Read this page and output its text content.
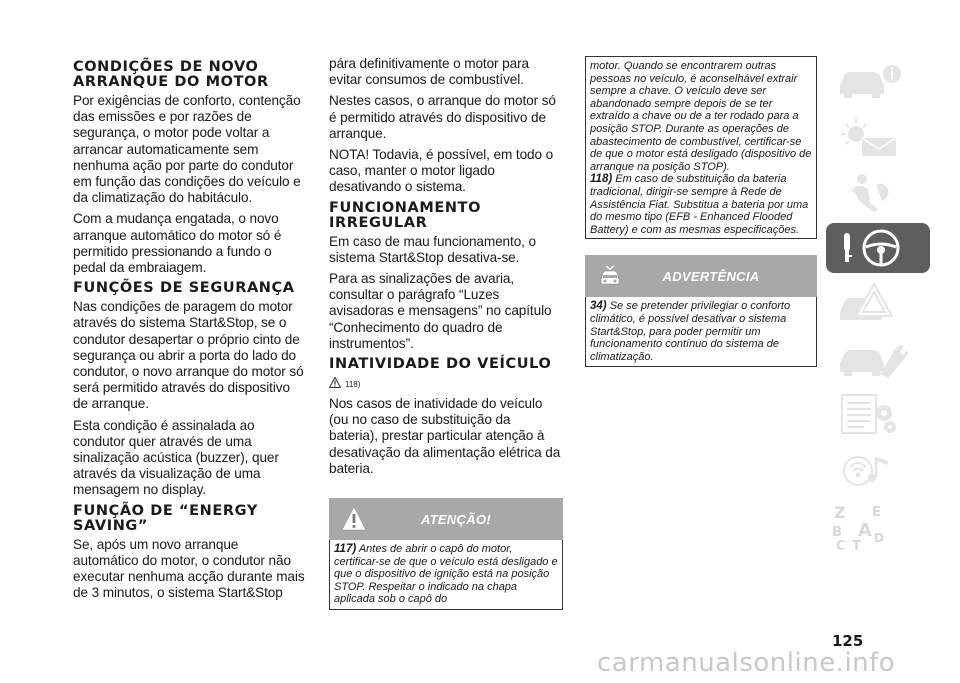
CONDIÇÕES DE NOVO ARRANQUE DO MOTOR

Por exigências de conforto, contenção das emissões e por razões de segurança, o motor pode voltar a arrancar automaticamente sem nenhuma ação por parte do condutor em função das condições do veículo e da climatização do habitáculo.

Com a mudança engatada, o novo arranque automático do motor só é permitido pressionando a fundo o pedal da embraiagem.

FUNÇÕES DE SEGURANÇA

Nas condições de paragem do motor através do sistema Start&Stop, se o condutor desapertar o próprio cinto de segurança ou abrir a porta do lado do condutor, o novo arranque do motor só será permitido através do dispositivo de arranque.

Esta condição é assinalada ao condutor quer através de uma sinalização acústica (buzzer), quer através da visualização de uma mensagem no display.

FUNÇÃO DE “ENERGY SAVING”

Se, após um novo arranque automático do motor, o condutor não executar nenhuma acção durante mais de 3 minutos, o sistema Start&Stop

pára definitivamente o motor para evitar consumos de combustível.

Nestes casos, o arranque do motor só é permitido através do dispositivo de arranque.

NOTA! Todavia, é possível, em todo o caso, manter o motor ligado desativando o sistema.

FUNCIONAMENTO IRREGULAR

Em caso de mau funcionamento, o sistema Start&Stop desativa-se.

Para as sinalizações de avaria, consultar o parágrafo “Luzes avisadoras e mensagens” no capítulo “Conhecimento do quadro de instrumentos”.

INATIVIDADE DO VEÍCULO
118)

Nos casos de inatividade do veículo (ou no caso de substituição da bateria), prestar particular atenção à desativação da alimentação elétrica da bateria.

ATENÇÃO!

117) Antes de abrir o capô do motor, certificar-se de que o veículo está desligado e que o dispositivo de ignição está na posição STOP. Respeitar o indicado na chapa aplicada sob o capô do

motor. Quando se encontrarem outras pessoas no veículo, é aconselhável extrair sempre a chave. O veículo deve ser abandonado sempre depois de se ter extraído a chave ou de a ter rodado para a posição STOP. Durante as operações de abastecimento de combustível, certificar-se de que o motor está desligado (dispositivo de arranque na posição STOP).

118) Em caso de substituição da bateria tradicional, dirigir-se sempre à Rede de Assistência Fiat. Substitua a bateria por uma do mesmo tipo (EFB - Enhanced Flooded Battery) e com as mesmas especificações.

ADVERTÊNCIA

34) Se se pretender privilegiar o conforto climático, é possível desativar o sistema Start&Stop, para poder permitir um funcionamento contínuo do sistema de climatização.

Z E
B A
C T
D
125
carmanualsonline.info
